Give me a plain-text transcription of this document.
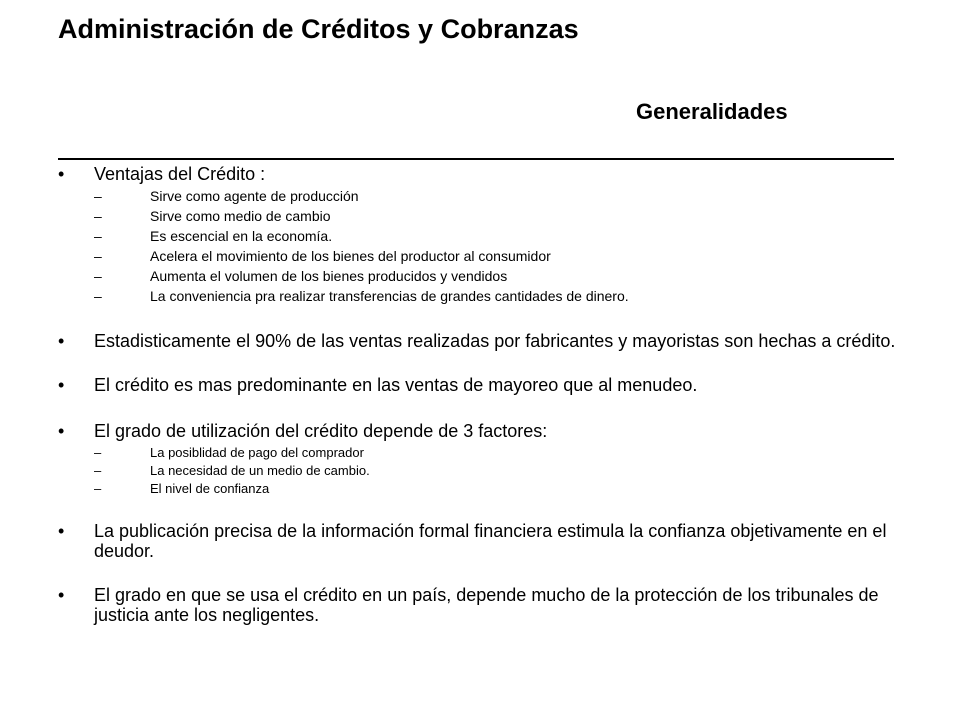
Administración de Créditos y Cobranzas
Generalidades
•	Ventajas del Crédito :
–	Sirve como agente de producción
–	Sirve como medio de cambio
–	Es escencial en la economía.
–	Acelera el movimiento de los bienes del productor al consumidor
–	Aumenta el volumen de los bienes producidos y vendidos
–	La conveniencia pra realizar transferencias de grandes cantidades de dinero.
•	Estadisticamente el 90% de las ventas realizadas por fabricantes y mayoristas son hechas a crédito.
•	El crédito es mas predominante en las ventas de mayoreo que al menudeo.
•	El grado de utilización del crédito depende de 3 factores:
–	La posiblidad de pago del comprador
–	La necesidad de un medio de cambio.
–	El nivel de confianza
•	La publicación precisa de la información formal financiera estimula la confianza objetivamente en el deudor.
•	El grado en que se usa el crédito en un país, depende mucho de la protección de los tribunales de justicia ante los negligentes.
